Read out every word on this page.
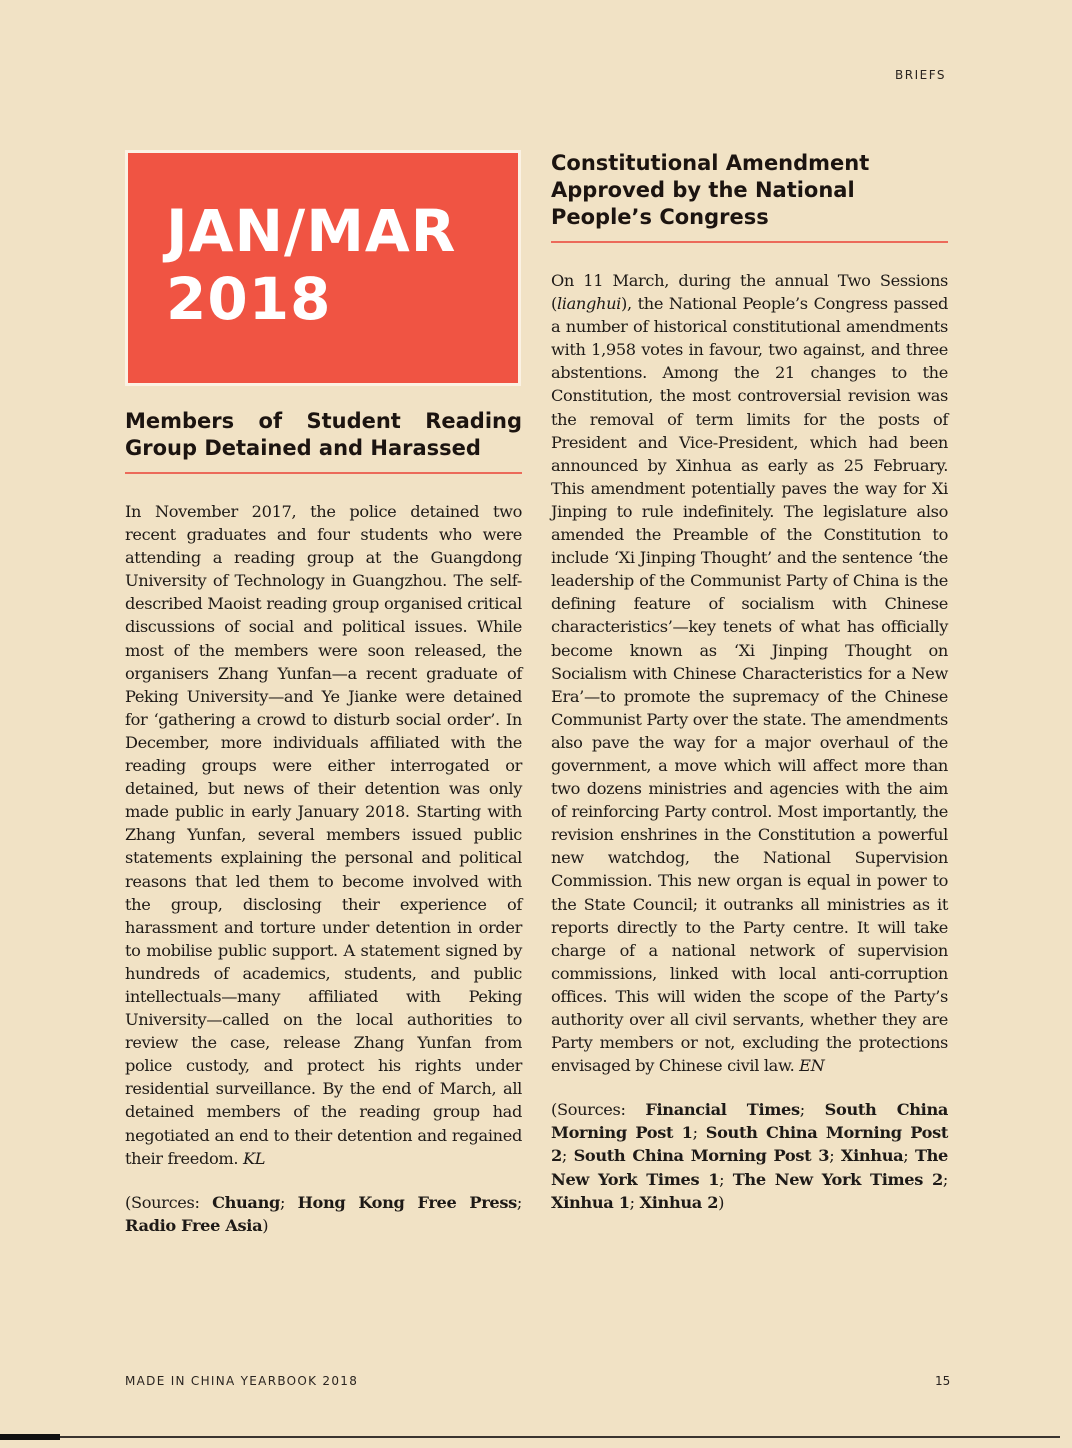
BRIEFS
JAN/MAR
2018
Members of Student Reading Group Detained and Harassed

In November 2017, the police detained two recent graduates and four students who were attending a reading group at the Guangdong University of Technology in Guangzhou. The self-described Maoist reading group organised critical discussions of social and political issues. While most of the members were soon released, the organisers Zhang Yunfan—a recent graduate of Peking University—and Ye Jianke were detained for ‘gathering a crowd to disturb social order’. In December, more individuals affiliated with the reading groups were either interrogated or detained, but news of their detention was only made public in early January 2018. Starting with Zhang Yunfan, several members issued public statements explaining the personal and political reasons that led them to become involved with the group, disclosing their experience of harassment and torture under detention in order to mobilise public support. A statement signed by hundreds of academics, students, and public intellectuals—many affiliated with Peking University—called on the local authorities to review the case, release Zhang Yunfan from police custody, and protect his rights under residential surveillance. By the end of March, all detained members of the reading group had negotiated an end to their detention and regained their freedom. KL

(Sources: Chuang; Hong Kong Free Press; Radio Free Asia)

Constitutional Amendment Approved by the National People’s Congress

On 11 March, during the annual Two Sessions (lianghui), the National People’s Congress passed a number of historical constitutional amendments with 1,958 votes in favour, two against, and three abstentions. Among the 21 changes to the Constitution, the most controversial revision was the removal of term limits for the posts of President and Vice-President, which had been announced by Xinhua as early as 25 February. This amendment potentially paves the way for Xi Jinping to rule indefinitely. The legislature also amended the Preamble of the Constitution to include ‘Xi Jinping Thought’ and the sentence ‘the leadership of the Communist Party of China is the defining feature of socialism with Chinese characteristics’—key tenets of what has officially become known as ‘Xi Jinping Thought on Socialism with Chinese Characteristics for a New Era’—to promote the supremacy of the Chinese Communist Party over the state. The amendments also pave the way for a major overhaul of the government, a move which will affect more than two dozens ministries and agencies with the aim of reinforcing Party control. Most importantly, the revision enshrines in the Constitution a powerful new watchdog, the National Supervision Commission. This new organ is equal in power to the State Council; it outranks all ministries as it reports directly to the Party centre. It will take charge of a national network of supervision commissions, linked with local anti-corruption offices. This will widen the scope of the Party’s authority over all civil servants, whether they are Party members or not, excluding the protections envisaged by Chinese civil law. EN

(Sources: Financial Times; South China Morning Post 1; South China Morning Post 2; South China Morning Post 3; Xinhua; The New York Times 1; The New York Times 2; Xinhua 1; Xinhua 2)

MADE IN CHINA YEARBOOK 2018	15
